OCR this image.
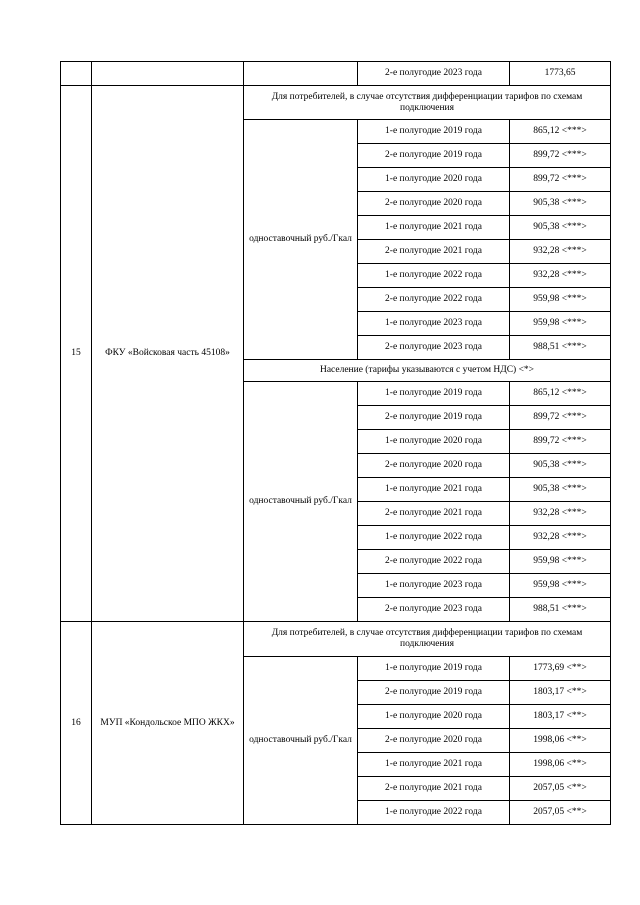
			2-е полугодие 2023 года	1773,65
15	ФКУ «Войсковая часть 45108»	Для потребителей, в случае отсутствия дифференциации тарифов по схемам подключения		
		одноставочный руб./Гкал	1-е полугодие 2019 года	865,12 <***>
			2-е полугодие 2019 года	899,72 <***>
			1-е полугодие 2020 года	899,72 <***>
			2-е полугодие 2020 года	905,38 <***>
			1-е полугодие 2021 года	905,38 <***>
			2-е полугодие 2021 года	932,28 <***>
			1-е полугодие 2022 года	932,28 <***>
			2-е полугодие 2022 года	959,98 <***>
			1-е полугодие 2023 года	959,98 <***>
			2-е полугодие 2023 года	988,51 <***>
		Население (тарифы указываются с учетом НДС) <*>		
		одноставочный руб./Гкал	1-е полугодие 2019 года	865,12 <***>
			2-е полугодие 2019 года	899,72 <***>
			1-е полугодие 2020 года	899,72 <***>
			2-е полугодие 2020 года	905,38 <***>
			1-е полугодие 2021 года	905,38 <***>
			2-е полугодие 2021 года	932,28 <***>
			1-е полугодие 2022 года	932,28 <***>
			2-е полугодие 2022 года	959,98 <***>
			1-е полугодие 2023 года	959,98 <***>
			2-е полугодие 2023 года	988,51 <***>
16	МУП «Кондольское МПО ЖКХ»	Для потребителей, в случае отсутствия дифференциации тарифов по схемам подключения		
		одноставочный руб./Гкал	1-е полугодие 2019 года	1773,69 <**>
			2-е полугодие 2019 года	1803,17 <**>
			1-е полугодие 2020 года	1803,17 <**>
			2-е полугодие 2020 года	1998,06 <**>
			1-е полугодие 2021 года	1998,06 <**>
			2-е полугодие 2021 года	2057,05 <**>
			1-е полугодие 2022 года	2057,05 <**>
